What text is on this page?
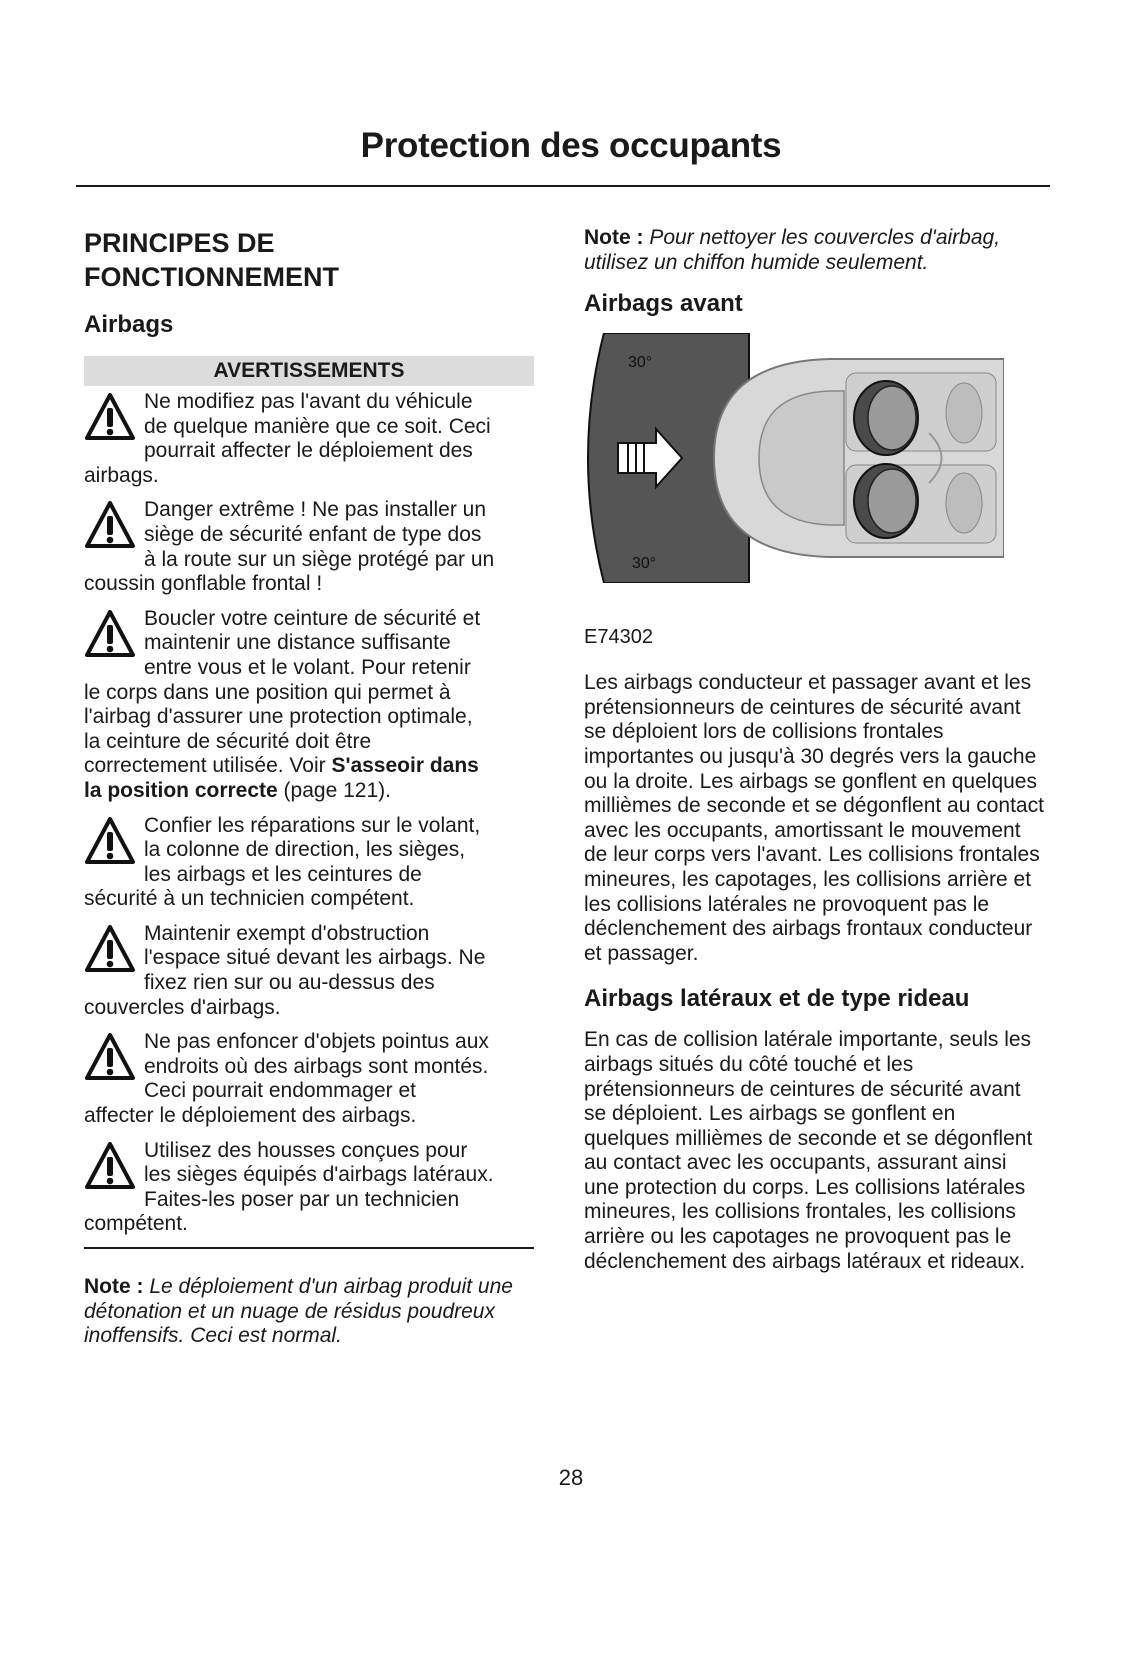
Protection des occupants
PRINCIPES DE
FONCTIONNEMENT
Airbags
AVERTISSEMENTS
Ne modifiez pas l'avant du véhicule
de quelque manière que ce soit. Ceci
pourrait affecter le déploiement des
airbags.
Danger extrême ! Ne pas installer un
siège de sécurité enfant de type dos
à la route sur un siège protégé par un
coussin gonflable frontal !
Boucler votre ceinture de sécurité et
maintenir une distance suffisante
entre vous et le volant. Pour retenir
le corps dans une position qui permet à
l'airbag d'assurer une protection optimale,
la ceinture de sécurité doit être
correctement utilisée. Voir S'asseoir dans
la position correcte (page 121).
Confier les réparations sur le volant,
la colonne de direction, les sièges,
les airbags et les ceintures de
sécurité à un technicien compétent.
Maintenir exempt d'obstruction
l'espace situé devant les airbags. Ne
fixez rien sur ou au-dessus des
couvercles d'airbags.
Ne pas enfoncer d'objets pointus aux
endroits où des airbags sont montés.
Ceci pourrait endommager et
affecter le déploiement des airbags.
Utilisez des housses conçues pour
les sièges équipés d'airbags latéraux.
Faites-les poser par un technicien
compétent.

Note : Le déploiement d'un airbag produit une détonation et un nuage de résidus poudreux inoffensifs. Ceci est normal.

Note : Pour nettoyer les couvercles d'airbag, utilisez un chiffon humide seulement.

Airbags avant
30°
30°

E74302

Les airbags conducteur et passager avant et les prétensionneurs de ceintures de sécurité avant se déploient lors de collisions frontales importantes ou jusqu'à 30 degrés vers la gauche ou la droite. Les airbags se gonflent en quelques millièmes de seconde et se dégonflent au contact avec les occupants, amortissant le mouvement de leur corps vers l'avant. Les collisions frontales mineures, les capotages, les collisions arrière et les collisions latérales ne provoquent pas le déclenchement des airbags frontaux conducteur et passager.

Airbags latéraux et de type rideau

En cas de collision latérale importante, seuls les airbags situés du côté touché et les prétensionneurs de ceintures de sécurité avant se déploient. Les airbags se gonflent en quelques millièmes de seconde et se dégonflent au contact avec les occupants, assurant ainsi une protection du corps. Les collisions latérales mineures, les collisions frontales, les collisions arrière ou les capotages ne provoquent pas le déclenchement des airbags latéraux et rideaux.

28
